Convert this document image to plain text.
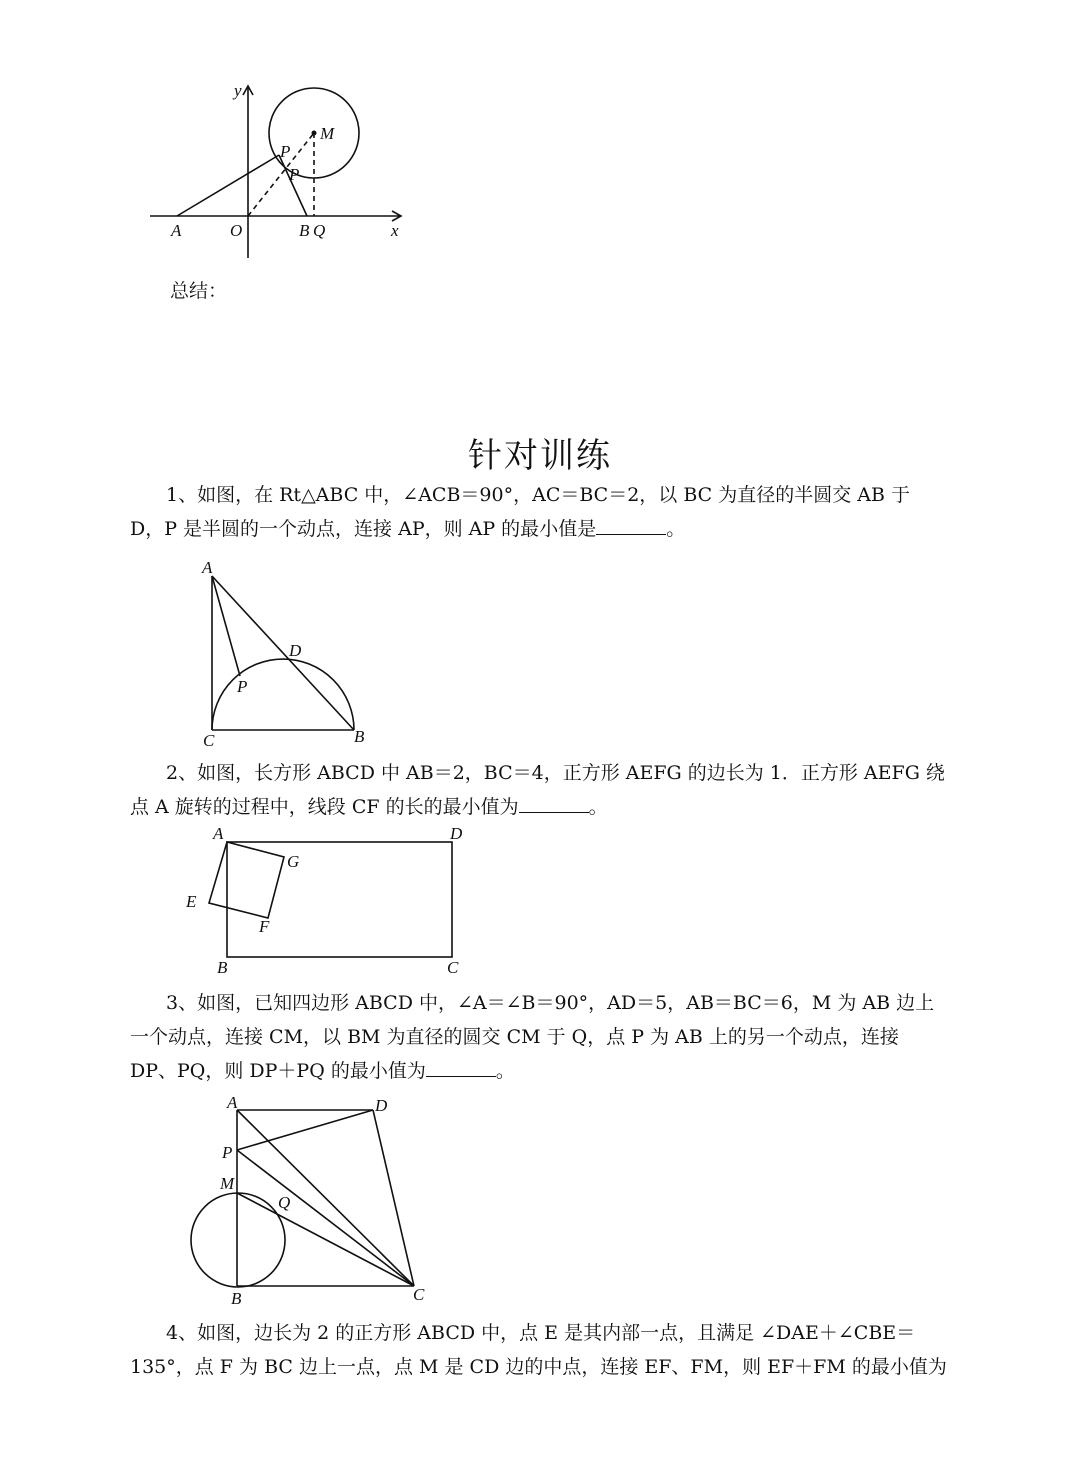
y
M
P
P
A	O	B Q	x
总结：
针对训练
1、如图，在 Rt△ABC 中，∠ACB＝90°，AC＝BC＝2，以 BC 为直径的半圆交 AB 于 D，P 是半圆的一个动点，连接 AP，则 AP 的最小值是	。
A
D
P
C	B
2、如图，长方形 ABCD 中 AB＝2，BC＝4，正方形 AEFG 的边长为 1．正方形 AEFG 绕点 A 旋转的过程中，线段 CF 的长的最小值为	。
A	D
G
E
F
B	C
3、如图，已知四边形 ABCD 中，∠A＝∠B＝90°，AD＝5，AB＝BC＝6，M 为 AB 边上一个动点，连接 CM，以 BM 为直径的圆交 CM 于 Q，点 P 为 AB 上的另一个动点，连接 DP、PQ，则 DP＋PQ 的最小值为	。
A	D
P
M
Q
B	C
4、如图，边长为 2 的正方形 ABCD 中，点 E 是其内部一点，且满足 ∠DAE＋∠CBE＝135°，点 F 为 BC 边上一点，点 M 是 CD 边的中点，连接 EF、FM，则 EF＋FM 的最小值为
